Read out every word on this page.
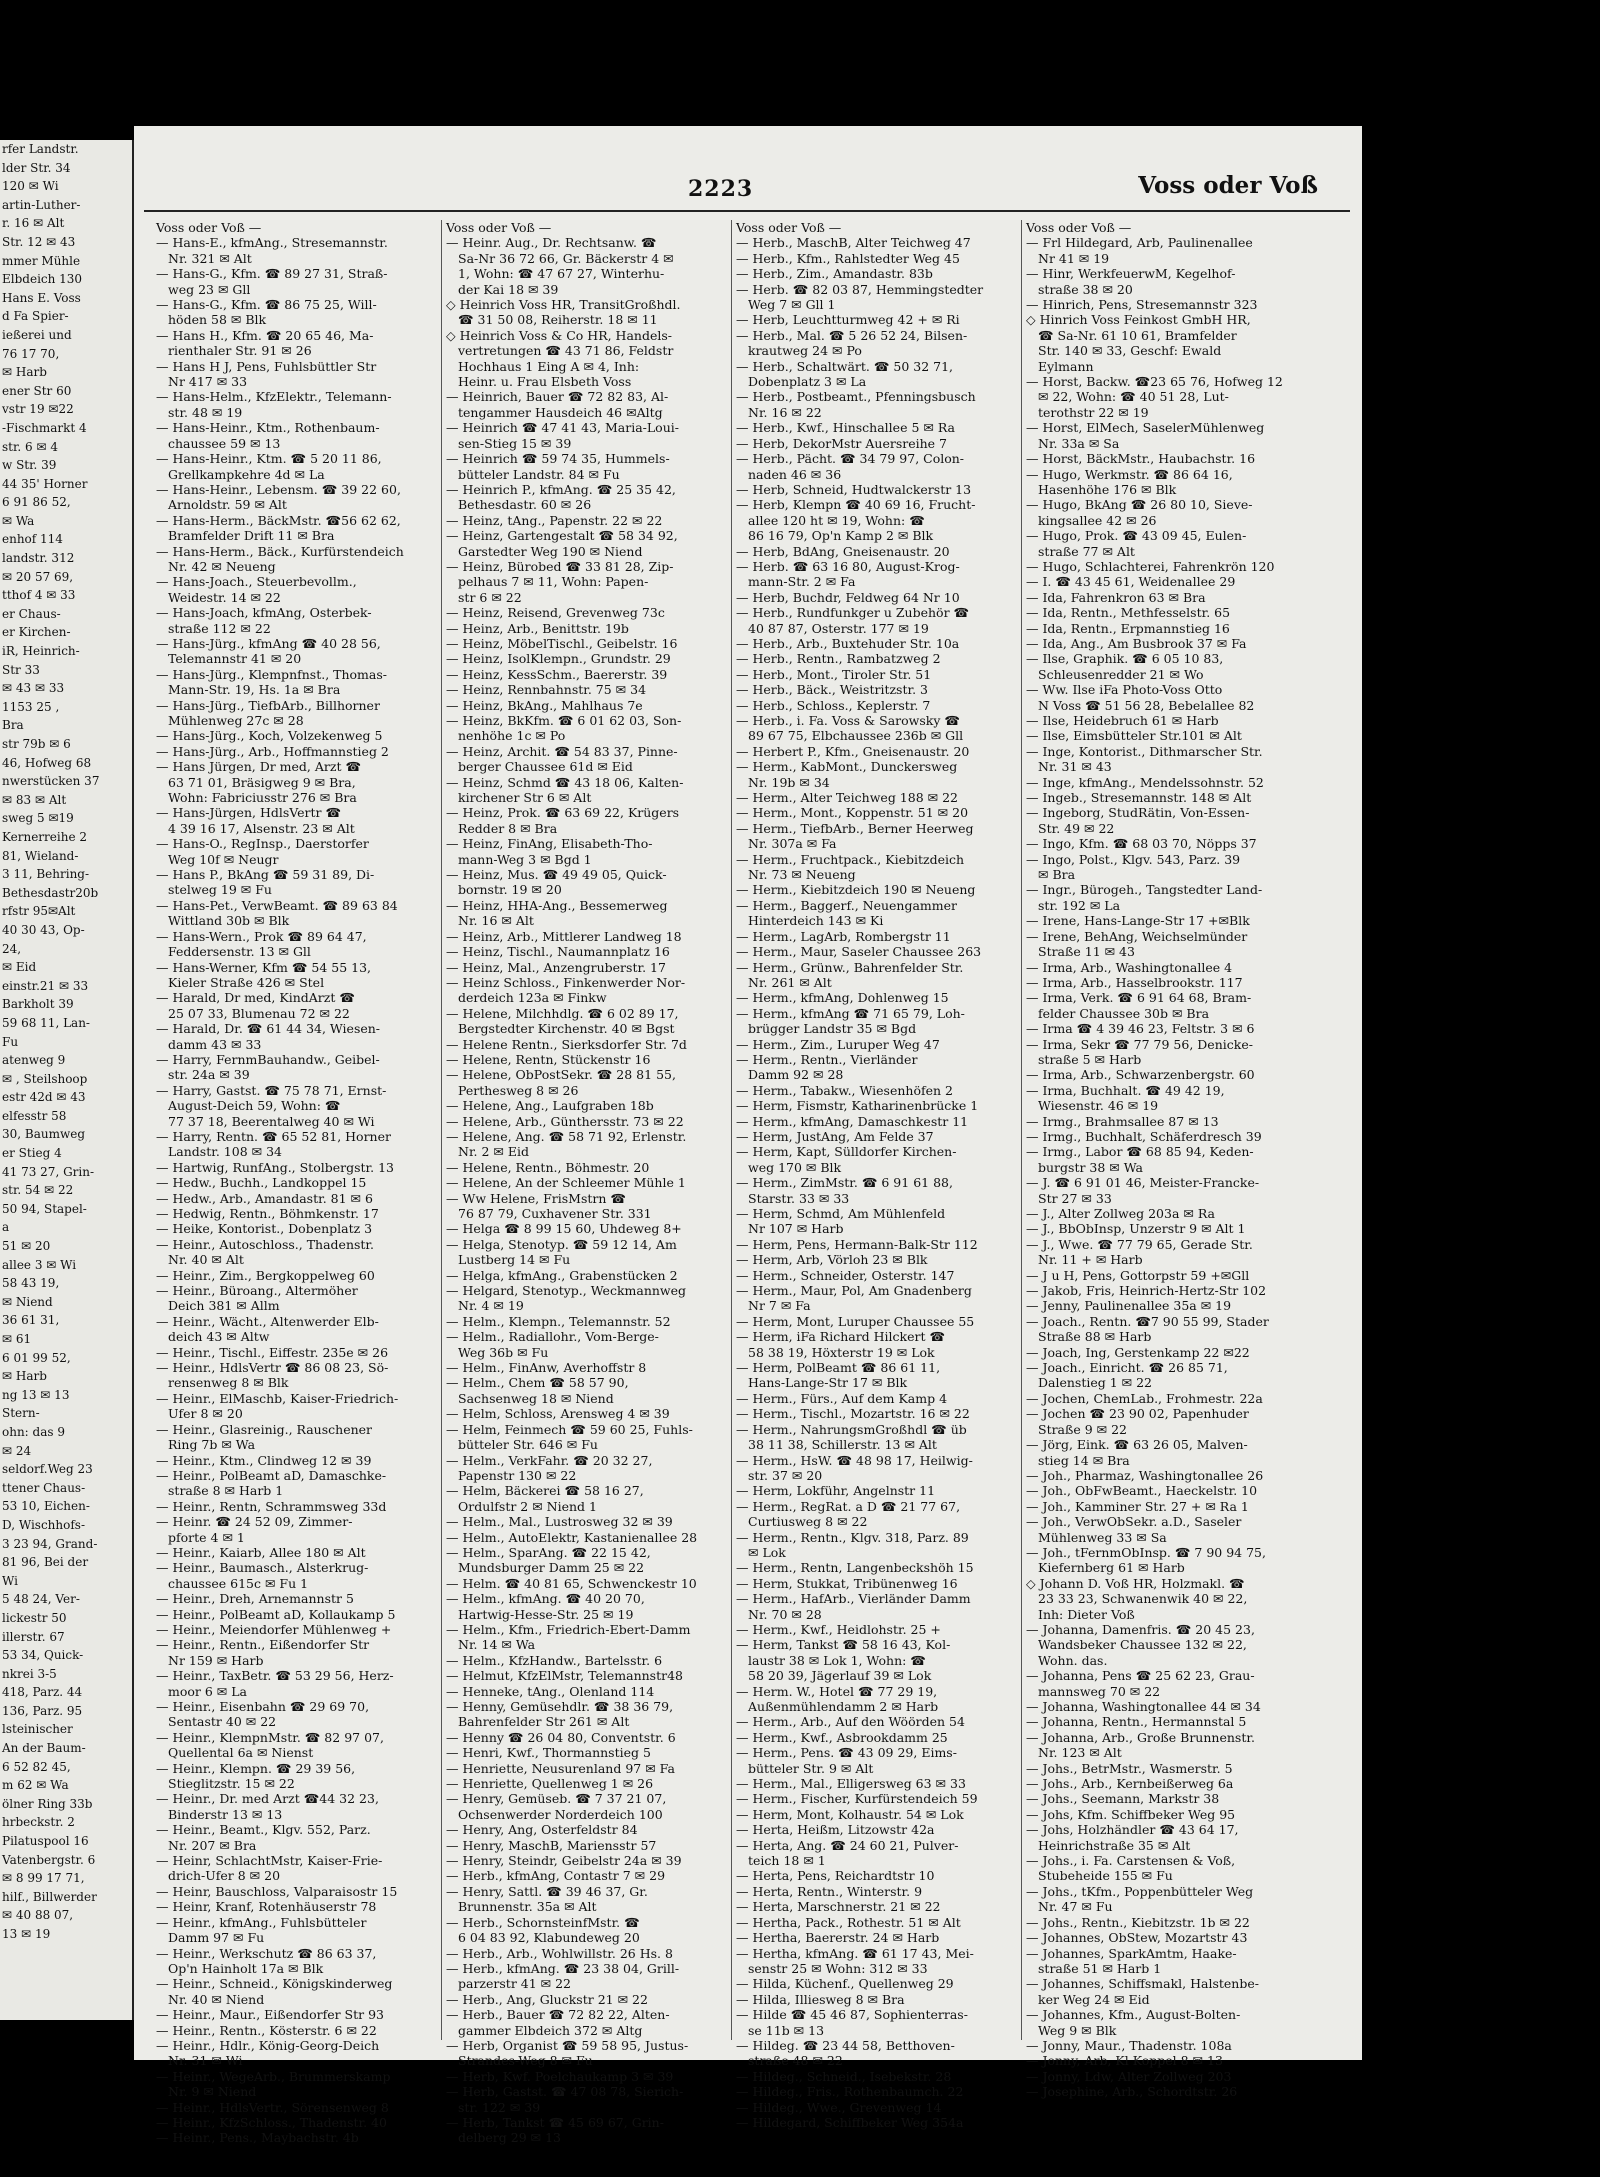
rfer Landstr.
lder Str. 34
120 ✉ Wi
artin-Luther-
r. 16 ✉ Alt
Str. 12 ✉ 43
mmer Mühle
Elbdeich 130
Hans E. Voss
d Fa Spier-
ießerei und
76 17 70,
✉ Harb
ener Str 60
vstr 19 ✉22
-Fischmarkt 4
str. 6 ✉ 4
w Str. 39
44 35' Horner
6 91 86 52,
✉ Wa
enhof 114
landstr. 312
✉ 20 57 69,
tthof 4 ✉ 33
er Chaus-
er Kirchen-
iR, Heinrich-
Str 33
✉ 43 ✉ 33
1153 25 ,
Bra
str 79b ✉ 6
46, Hofweg 68
nwerstücken 37
✉ 83 ✉ Alt
sweg 5 ✉19
Kernerreihe 2
81, Wieland-
3 11, Behring-
Bethesdastr20b
rfstr 95✉Alt
40 30 43, Op-
24,
✉ Eid
einstr.21 ✉ 33
Barkholt 39
59 68 11, Lan-
Fu
atenweg 9
✉ , Steilshoop
estr 42d ✉ 43
elfesstr 58
30, Baumweg
er Stieg 4
41 73 27, Grin-
str. 54 ✉ 22
50 94, Stapel-
a
51 ✉ 20
allee 3 ✉ Wi
58 43 19,
✉ Niend
36 61 31,
✉ 61
6 01 99 52,
✉ Harb
ng 13 ✉ 13
Stern-
ohn: das 9
✉ 24
seldorf.Weg 23
ttener Chaus-
53 10, Eichen-
D, Wischhofs-
3 23 94, Grand-
81 96, Bei der
Wi
5 48 24, Ver-
lickestr 50
illerstr. 67
53 34, Quick-
nkrei 3-5
418, Parz. 44
136, Parz. 95
lsteinischer
An der Baum-
6 52 82 45,
m 62 ✉ Wa
ölner Ring 33b
hrbeckstr. 2
Pilatuspool 16
Vatenbergstr. 6
✉ 8 99 17 71,
hilf., Billwerder
✉ 40 88 07,
13 ✉ 19
2223	Voss oder Voß
Voss oder Voß —
— Hans-E., kfmAng., Stresemannstr.
Nr. 321 ✉ Alt
— Hans-G., Kfm. ☎ 89 27 31, Straß-
weg 23 ✉ Gll
— Hans-G., Kfm. ☎ 86 75 25, Will-
höden 58 ✉ Blk
— Hans H., Kfm. ☎ 20 65 46, Ma-
rienthaler Str. 91 ✉ 26
— Hans H J, Pens, Fuhlsbüttler Str
Nr 417 ✉ 33
— Hans-Helm., KfzElektr., Telemann-
str. 48 ✉ 19
— Hans-Heinr., Ktm., Rothenbaum-
chaussee 59 ✉ 13
— Hans-Heinr., Ktm. ☎ 5 20 11 86,
Grellkampkehre 4d ✉ La
— Hans-Heinr., Lebensm. ☎ 39 22 60,
Arnoldstr. 59 ✉ Alt
— Hans-Herm., BäckMstr. ☎56 62 62,
Bramfelder Drift 11 ✉ Bra
— Hans-Herm., Bäck., Kurfürstendeich
Nr. 42 ✉ Neueng
— Hans-Joach., Steuerbevollm.,
Weidestr. 14 ✉ 22
— Hans-Joach, kfmAng, Osterbek-
straße 112 ✉ 22
— Hans-Jürg., kfmAng ☎ 40 28 56,
Telemannstr 41 ✉ 20
— Hans-Jürg., Klempnfnst., Thomas-
Mann-Str. 19, Hs. 1a ✉ Bra
— Hans-Jürg., TiefbArb., Billhorner
Mühlenweg 27c ✉ 28
— Hans-Jürg., Koch, Volzekenweg 5
— Hans-Jürg., Arb., Hoffmannstieg 2
— Hans Jürgen, Dr med, Arzt ☎
63 71 01, Bräsigweg 9 ✉ Bra,
Wohn: Fabriciusstr 276 ✉ Bra
— Hans-Jürgen, HdlsVertr ☎
4 39 16 17, Alsenstr. 23 ✉ Alt
— Hans-O., RegInsp., Daerstorfer
Weg 10f ✉ Neugr
— Hans P., BkAng ☎ 59 31 89, Di-
stelweg 19 ✉ Fu
— Hans-Pet., VerwBeamt. ☎ 89 63 84
Wittland 30b ✉ Blk
— Hans-Wern., Prok ☎ 89 64 47,
Feddersenstr. 13 ✉ Gll
— Hans-Werner, Kfm ☎ 54 55 13,
Kieler Straße 426 ✉ Stel
— Harald, Dr med, KindArzt ☎
25 07 33, Blumenau 72 ✉ 22
— Harald, Dr. ☎ 61 44 34, Wiesen-
damm 43 ✉ 33
— Harry, FernmBauhandw., Geibel-
str. 24a ✉ 39
— Harry, Gastst. ☎ 75 78 71, Ernst-
August-Deich 59, Wohn: ☎
77 37 18, Beerentalweg 40 ✉ Wi
— Harry, Rentn. ☎ 65 52 81, Horner
Landstr. 108 ✉ 34
— Hartwig, RunfAng., Stolbergstr. 13
— Hedw., Buchh., Landkoppel 15
— Hedw., Arb., Amandastr. 81 ✉ 6
— Hedwig, Rentn., Böhmkenstr. 17
— Heike, Kontorist., Dobenplatz 3
— Heinr., Autoschloss., Thadenstr.
Nr. 40 ✉ Alt
— Heinr., Zim., Bergkoppelweg 60
— Heinr., Büroang., Altermöher
Deich 381 ✉ Allm
— Heinr., Wächt., Altenwerder Elb-
deich 43 ✉ Altw
— Heinr., Tischl., Eiffestr. 235e ✉ 26
— Heinr., HdlsVertr ☎ 86 08 23, Sö-
rensenweg 8 ✉ Blk
— Heinr., ElMaschb, Kaiser-Friedrich-
Ufer 8 ✉ 20
— Heinr., Glasreinig., Rauschener
Ring 7b ✉ Wa
— Heinr., Ktm., Clindweg 12 ✉ 39
— Heinr., PolBeamt aD, Damaschke-
straße 8 ✉ Harb 1
— Heinr., Rentn, Schrammsweg 33d
— Heinr. ☎ 24 52 09, Zimmer-
pforte 4 ✉ 1
— Heinr., Kaiarb, Allee 180 ✉ Alt
— Heinr., Baumasch., Alsterkrug-
chaussee 615c ✉ Fu 1
— Heinr., Dreh, Arnemannstr 5
— Heinr., PolBeamt aD, Kollaukamp 5
— Heinr., Meiendorfer Mühlenweg +
— Heinr., Rentn., Eißendorfer Str
Nr 159 ✉ Harb
— Heinr., TaxBetr. ☎ 53 29 56, Herz-
moor 6 ✉ La
— Heinr., Eisenbahn ☎ 29 69 70,
Sentastr 40 ✉ 22
— Heinr., KlempnMstr. ☎ 82 97 07,
Quellental 6a ✉ Nienst
— Heinr., Klempn. ☎ 29 39 56,
Stieglitzstr. 15 ✉ 22
— Heinr., Dr. med Arzt ☎44 32 23,
Binderstr 13 ✉ 13
— Heinr., Beamt., Klgv. 552, Parz.
Nr. 207 ✉ Bra
— Heinr, SchlachtMstr, Kaiser-Frie-
drich-Ufer 8 ✉ 20
— Heinr, Bauschloss, Valparaisostr 15
— Heinr, Kranf, Rotenhäuserstr 78
— Heinr., kfmAng., Fuhlsbütteler
Damm 97 ✉ Fu
— Heinr., Werkschutz ☎ 86 63 37,
Op'n Hainholt 17a ✉ Blk
— Heinr., Schneid., Königskinderweg
Nr. 40 ✉ Niend
— Heinr., Maur., Eißendorfer Str 93
— Heinr., Rentn., Kösterstr. 6 ✉ 22
— Heinr., Hdlr., König-Georg-Deich
Nr. 31 ✉ Wi
— Heinr., WegeArb., Brummerskamp
Nr. 9 ✉ Niend
— Heinr., HdlsVertr., Sörensenweg 8
— Heinr., KfzSchloss., Thadenstr. 40
— Heinr., Pens., Maybachstr. 4b
Voss oder Voß —
— Heinr. Aug., Dr. Rechtsanw. ☎
Sa-Nr 36 72 66, Gr. Bäckerstr 4 ✉
1, Wohn: ☎ 47 67 27, Winterhu-
der Kai 18 ✉ 39
◇ Heinrich Voss HR, TransitGroßhdl.
☎ 31 50 08, Reiherstr. 18 ✉ 11
◇ Heinrich Voss & Co HR, Handels-
vertretungen ☎ 43 71 86, Feldstr
Hochhaus 1 Eing A ✉ 4, Inh:
Heinr. u. Frau Elsbeth Voss
— Heinrich, Bauer ☎ 72 82 83, Al-
tengammer Hausdeich 46 ✉Altg
— Heinrich ☎ 47 41 43, Maria-Loui-
sen-Stieg 15 ✉ 39
— Heinrich ☎ 59 74 35, Hummels-
bütteler Landstr. 84 ✉ Fu
— Heinrich P., kfmAng. ☎ 25 35 42,
Bethesdastr. 60 ✉ 26
— Heinz, tAng., Papenstr. 22 ✉ 22
— Heinz, Gartengestalt ☎ 58 34 92,
Garstedter Weg 190 ✉ Niend
— Heinz, Bürobed ☎ 33 81 28, Zip-
pelhaus 7 ✉ 11, Wohn: Papen-
str 6 ✉ 22
— Heinz, Reisend, Grevenweg 73c
— Heinz, Arb., Benittstr. 19b
— Heinz, MöbelTischl., Geibelstr. 16
— Heinz, IsolKlempn., Grundstr. 29
— Heinz, KessSchm., Baererstr. 39
— Heinz, Rennbahnstr. 75 ✉ 34
— Heinz, BkAng., Mahlhaus 7e
— Heinz, BkKfm. ☎ 6 01 62 03, Son-
nenhöhe 1c ✉ Po
— Heinz, Archit. ☎ 54 83 37, Pinne-
berger Chaussee 61d ✉ Eid
— Heinz, Schmd ☎ 43 18 06, Kalten-
kirchener Str 6 ✉ Alt
— Heinz, Prok. ☎ 63 69 22, Krügers
Redder 8 ✉ Bra
— Heinz, FinAng, Elisabeth-Tho-
mann-Weg 3 ✉ Bgd 1
— Heinz, Mus. ☎ 49 49 05, Quick-
bornstr. 19 ✉ 20
— Heinz, HHA-Ang., Bessemerweg
Nr. 16 ✉ Alt
— Heinz, Arb., Mittlerer Landweg 18
— Heinz, Tischl., Naumannplatz 16
— Heinz, Mal., Anzengruberstr. 17
— Heinz Schloss., Finkenwerder Nor-
derdeich 123a ✉ Finkw
— Helene, Milchhdlg. ☎ 6 02 89 17,
Bergstedter Kirchenstr. 40 ✉ Bgst
— Helene Rentn., Sierksdorfer Str. 7d
— Helene, Rentn, Stückenstr 16
— Helene, ObPostSekr. ☎ 28 81 55,
Perthesweg 8 ✉ 26
— Helene, Ang., Laufgraben 18b
— Helene, Arb., Günthersstr. 73 ✉ 22
— Helene, Ang. ☎ 58 71 92, Erlenstr.
Nr. 2 ✉ Eid
— Helene, Rentn., Böhmestr. 20
— Helene, An der Schleemer Mühle 1
— Ww Helene, FrisMstrn ☎
76 87 79, Cuxhavener Str. 331
— Helga ☎ 8 99 15 60, Uhdeweg 8+
— Helga, Stenotyp. ☎ 59 12 14, Am
Lustberg 14 ✉ Fu
— Helga, kfmAng., Grabenstücken 2
— Helgard, Stenotyp., Weckmannweg
Nr. 4 ✉ 19
— Helm., Klempn., Telemannstr. 52
— Helm., Radiallohr., Vom-Berge-
Weg 36b ✉ Fu
— Helm., FinAnw, Averhoffstr 8
— Helm., Chem ☎ 58 57 90,
Sachsenweg 18 ✉ Niend
— Helm, Schloss, Arensweg 4 ✉ 39
— Helm, Feinmech ☎ 59 60 25, Fuhls-
bütteler Str. 646 ✉ Fu
— Helm., VerkFahr. ☎ 20 32 27,
Papenstr 130 ✉ 22
— Helm, Bäckerei ☎ 58 16 27,
Ordulfstr 2 ✉ Niend 1
— Helm., Mal., Lustrosweg 32 ✉ 39
— Helm., AutoElektr, Kastanienallee 28
— Helm., SparAng. ☎ 22 15 42,
Mundsburger Damm 25 ✉ 22
— Helm. ☎ 40 81 65, Schwenckestr 10
— Helm., kfmAng. ☎ 40 20 70,
Hartwig-Hesse-Str. 25 ✉ 19
— Helm., Kfm., Friedrich-Ebert-Damm
Nr. 14 ✉ Wa
— Helm., KfzHandw., Bartelsstr. 6
— Helmut, KfzElMstr, Telemannstr48
— Henneke, tAng., Olenland 114
— Henny, Gemüsehdlr. ☎ 38 36 79,
Bahrenfelder Str 261 ✉ Alt
— Henny ☎ 26 04 80, Conventstr. 6
— Henri, Kwf., Thormannstieg 5
— Henriette, Neusurenland 97 ✉ Fa
— Henriette, Quellenweg 1 ✉ 26
— Henry, Gemüseb. ☎ 7 37 21 07,
Ochsenwerder Norderdeich 100
— Henry, Ang, Osterfeldstr 84
— Henry, MaschB, Mariensstr 57
— Henry, Steindr, Geibelstr 24a ✉ 39
— Herb., kfmAng, Contastr 7 ✉ 29
— Henry, Sattl. ☎ 39 46 37, Gr.
Brunnenstr. 35a ✉ Alt
— Herb., SchornsteinfMstr. ☎
6 04 83 92, Klabundeweg 20
— Herb., Arb., Wohlwillstr. 26 Hs. 8
— Herb., kfmAng. ☎ 23 38 04, Grill-
parzerstr 41 ✉ 22
— Herb., Ang, Gluckstr 21 ✉ 22
— Herb., Bauer ☎ 72 82 22, Alten-
gammer Elbdeich 372 ✉ Altg
— Herb, Organist ☎ 59 58 95, Justus-
Strandes-Weg 8 ✉ Fu
— Herb, Kwf. Poelchaukamp 3 ✉ 39
— Herb, Gastst. ☎ 47 08 78, Sierich-
str. 122 ✉ 39
— Herb, Tankst ☎ 45 69 67, Grin-
delberg 29 ✉ 13
Voss oder Voß —
— Herb., MaschB, Alter Teichweg 47
— Herb., Kfm., Rahlstedter Weg 45
— Herb., Zim., Amandastr. 83b
— Herb. ☎ 82 03 87, Hemmingstedter
Weg 7 ✉ Gll 1
— Herb, Leuchtturmweg 42 + ✉ Ri
— Herb., Mal. ☎ 5 26 52 24, Bilsen-
krautweg 24 ✉ Po
— Herb., Schaltwärt. ☎ 50 32 71,
Dobenplatz 3 ✉ La
— Herb., Postbeamt., Pfenningsbusch
Nr. 16 ✉ 22
— Herb., Kwf., Hinschallee 5 ✉ Ra
— Herb, DekorMstr Auersreihe 7
— Herb., Pächt. ☎ 34 79 97, Colon-
naden 46 ✉ 36
— Herb, Schneid, Hudtwalckerstr 13
— Herb, Klempn ☎ 40 69 16, Frucht-
allee 120 ht ✉ 19, Wohn: ☎
86 16 79, Op'n Kamp 2 ✉ Blk
— Herb, BdAng, Gneisenaustr. 20
— Herb. ☎ 63 16 80, August-Krog-
mann-Str. 2 ✉ Fa
— Herb, Buchdr, Feldweg 64 Nr 10
— Herb., Rundfunkger u Zubehör ☎
40 87 87, Osterstr. 177 ✉ 19
— Herb., Arb., Buxtehuder Str. 10a
— Herb., Rentn., Rambatzweg 2
— Herb., Mont., Tiroler Str. 51
— Herb., Bäck., Weistritzstr. 3
— Herb., Schloss., Keplerstr. 7
— Herb., i. Fa. Voss & Sarowsky ☎
89 67 75, Elbchaussee 236b ✉ Gll
— Herbert P., Kfm., Gneisenaustr. 20
— Herm., KabMont., Dunckersweg
Nr. 19b ✉ 34
— Herm., Alter Teichweg 188 ✉ 22
— Herm., Mont., Koppenstr. 51 ✉ 20
— Herm., TiefbArb., Berner Heerweg
Nr. 307a ✉ Fa
— Herm., Fruchtpack., Kiebitzdeich
Nr. 73 ✉ Neueng
— Herm., Kiebitzdeich 190 ✉ Neueng
— Herm., Baggerf., Neuengammer
Hinterdeich 143 ✉ Ki
— Herm., LagArb, Rombergstr 11
— Herm., Maur, Saseler Chaussee 263
— Herm., Grünw., Bahrenfelder Str.
Nr. 261 ✉ Alt
— Herm., kfmAng, Dohlenweg 15
— Herm., kfmAng ☎ 71 65 79, Loh-
brügger Landstr 35 ✉ Bgd
— Herm., Zim., Luruper Weg 47
— Herm., Rentn., Vierländer
Damm 92 ✉ 28
— Herm., Tabakw., Wiesenhöfen 2
— Herm, Fismstr, Katharinenbrücke 1
— Herm., kfmAng, Damaschkestr 11
— Herm, JustAng, Am Felde 37
— Herm, Kapt, Sülldorfer Kirchen-
weg 170 ✉ Blk
— Herm., ZimMstr. ☎ 6 91 61 88,
Starstr. 33 ✉ 33
— Herm, Schmd, Am Mühlenfeld
Nr 107 ✉ Harb
— Herm, Pens, Hermann-Balk-Str 112
— Herm, Arb, Vörloh 23 ✉ Blk
— Herm., Schneider, Osterstr. 147
— Herm., Maur, Pol, Am Gnadenberg
Nr 7 ✉ Fa
— Herm, Mont, Luruper Chaussee 55
— Herm, iFa Richard Hilckert ☎
58 38 19, Höxterstr 19 ✉ Lok
— Herm, PolBeamt ☎ 86 61 11,
Hans-Lange-Str 17 ✉ Blk
— Herm., Fürs., Auf dem Kamp 4
— Herm., Tischl., Mozartstr. 16 ✉ 22
— Herm., NahrungsmGroßhdl ☎ üb
38 11 38, Schillerstr. 13 ✉ Alt
— Herm., HsW. ☎ 48 98 17, Heilwig-
str. 37 ✉ 20
— Herm, Lokführ, Angelnstr 11
— Herm., RegRat. a D ☎ 21 77 67,
Curtiusweg 8 ✉ 22
— Herm., Rentn., Klgv. 318, Parz. 89
✉ Lok
— Herm., Rentn, Langenbeckshöh 15
— Herm, Stukkat, Tribünenweg 16
— Herm., HafArb., Vierländer Damm
Nr. 70 ✉ 28
— Herm., Kwf., Heidlohstr. 25 +
— Herm, Tankst ☎ 58 16 43, Kol-
laustr 38 ✉ Lok 1, Wohn: ☎
58 20 39, Jägerlauf 39 ✉ Lok
— Herm. W., Hotel ☎ 77 29 19,
Außenmühlendamm 2 ✉ Harb
— Herm., Arb., Auf den Wöörden 54
— Herm., Kwf., Asbrookdamm 25
— Herm., Pens. ☎ 43 09 29, Eims-
bütteler Str. 9 ✉ Alt
— Herm., Mal., Elligersweg 63 ✉ 33
— Herm., Fischer, Kurfürstendeich 59
— Herm, Mont, Kolhaustr. 54 ✉ Lok
— Herta, Heißm, Litzowstr 42a
— Herta, Ang. ☎ 24 60 21, Pulver-
teich 18 ✉ 1
— Herta, Pens, Reichardtstr 10
— Herta, Rentn., Winterstr. 9
— Herta, Marschnerstr. 21 ✉ 22
— Hertha, Pack., Rothestr. 51 ✉ Alt
— Hertha, Baererstr. 24 ✉ Harb
— Hertha, kfmAng. ☎ 61 17 43, Mei-
senstr 25 ✉ Wohn: 312 ✉ 33
— Hilda, Küchenf., Quellenweg 29
— Hilda, Illiesweg 8 ✉ Bra
— Hilde ☎ 45 46 87, Sophienterras-
se 11b ✉ 13
— Hildeg. ☎ 23 44 58, Betthoven-
straße 48 ✉ 22
— Hildeg., Schneid., Isebekstr. 28
— Hildeg., Fris., Rothenbaumch. 22
— Hildeg., Wwe., Grevenweg 14
— Hildegard, Schiffbeker Weg 354a
Voss oder Voß —
— Frl Hildegard, Arb, Paulinenallee
Nr 41 ✉ 19
— Hinr, WerkfeuerwM, Kegelhof-
straße 38 ✉ 20
— Hinrich, Pens, Stresemannstr 323
◇ Hinrich Voss Feinkost GmbH HR,
☎ Sa-Nr. 61 10 61, Bramfelder
Str. 140 ✉ 33, Geschf: Ewald
Eylmann
— Horst, Backw. ☎23 65 76, Hofweg 12
✉ 22, Wohn: ☎ 40 51 28, Lut-
terothstr 22 ✉ 19
— Horst, ElMech, SaselerMühlenweg
Nr. 33a ✉ Sa
— Horst, BäckMstr., Haubachstr. 16
— Hugo, Werkmstr. ☎ 86 64 16,
Hasenhöhe 176 ✉ Blk
— Hugo, BkAng ☎ 26 80 10, Sieve-
kingsallee 42 ✉ 26
— Hugo, Prok. ☎ 43 09 45, Eulen-
straße 77 ✉ Alt
— Hugo, Schlachterei, Fahrenkrön 120
— I. ☎ 43 45 61, Weidenallee 29
— Ida, Fahrenkron 63 ✉ Bra
— Ida, Rentn., Methfesselstr. 65
— Ida, Rentn., Erpmannstieg 16
— Ida, Ang., Am Busbrook 37 ✉ Fa
— Ilse, Graphik. ☎ 6 05 10 83,
Schleusenredder 21 ✉ Wo
— Ww. Ilse iFa Photo-Voss Otto
N Voss ☎ 51 56 28, Bebelallee 82
— Ilse, Heidebruch 61 ✉ Harb
— Ilse, Eimsbütteler Str.101 ✉ Alt
— Inge, Kontorist., Dithmarscher Str.
Nr. 31 ✉ 43
— Inge, kfmAng., Mendelssohnstr. 52
— Ingeb., Stresemannstr. 148 ✉ Alt
— Ingeborg, StudRätin, Von-Essen-
Str. 49 ✉ 22
— Ingo, Kfm. ☎ 68 03 70, Nöpps 37
— Ingo, Polst., Klgv. 543, Parz. 39
✉ Bra
— Ingr., Bürogeh., Tangstedter Land-
str. 192 ✉ La
— Irene, Hans-Lange-Str 17 +✉Blk
— Irene, BehAng, Weichselmünder
Straße 11 ✉ 43
— Irma, Arb., Washingtonallee 4
— Irma, Arb., Hasselbrookstr. 117
— Irma, Verk. ☎ 6 91 64 68, Bram-
felder Chaussee 30b ✉ Bra
— Irma ☎ 4 39 46 23, Feltstr. 3 ✉ 6
— Irma, Sekr ☎ 77 79 56, Denicke-
straße 5 ✉ Harb
— Irma, Arb., Schwarzenbergstr. 60
— Irma, Buchhalt. ☎ 49 42 19,
Wiesenstr. 46 ✉ 19
— Irmg., Brahmsallee 87 ✉ 13
— Irmg., Buchhalt, Schäferdresch 39
— Irmg., Labor ☎ 68 85 94, Keden-
burgstr 38 ✉ Wa
— J. ☎ 6 91 01 46, Meister-Francke-
Str 27 ✉ 33
— J., Alter Zollweg 203a ✉ Ra
— J., BbObInsp, Unzerstr 9 ✉ Alt 1
— J., Wwe. ☎ 77 79 65, Gerade Str.
Nr. 11 + ✉ Harb
— J u H, Pens, Gottorpstr 59 +✉Gll
— Jakob, Fris, Heinrich-Hertz-Str 102
— Jenny, Paulinenallee 35a ✉ 19
— Joach., Rentn. ☎7 90 55 99, Stader
Straße 88 ✉ Harb
— Joach, Ing, Gerstenkamp 22 ✉22
— Joach., Einricht. ☎ 26 85 71,
Dalenstieg 1 ✉ 22
— Jochen, ChemLab., Frohmestr. 22a
— Jochen ☎ 23 90 02, Papenhuder
Straße 9 ✉ 22
— Jörg, Eink. ☎ 63 26 05, Malven-
stieg 14 ✉ Bra
— Joh., Pharmaz, Washingtonallee 26
— Joh., ObFwBeamt., Haeckelstr. 10
— Joh., Kamminer Str. 27 + ✉ Ra 1
— Joh., VerwObSekr. a.D., Saseler
Mühlenweg 33 ✉ Sa
— Joh., tFernmObInsp. ☎ 7 90 94 75,
Kiefernberg 61 ✉ Harb
◇ Johann D. Voß HR, Holzmakl. ☎
23 33 23, Schwanenwik 40 ✉ 22,
Inh: Dieter Voß
— Johanna, Damenfris. ☎ 20 45 23,
Wandsbeker Chaussee 132 ✉ 22,
Wohn. das.
— Johanna, Pens ☎ 25 62 23, Grau-
mannsweg 70 ✉ 22
— Johanna, Washingtonallee 44 ✉ 34
— Johanna, Rentn., Hermannstal 5
— Johanna, Arb., Große Brunnenstr.
Nr. 123 ✉ Alt
— Johs., BetrMstr., Wasmerstr. 5
— Johs., Arb., Kernbeißerweg 6a
— Johs., Seemann, Markstr 38
— Johs, Kfm. Schiffbeker Weg 95
— Johs, Holzhändler ☎ 43 64 17,
Heinrichstraße 35 ✉ Alt
— Johs., i. Fa. Carstensen & Voß,
Stubeheide 155 ✉ Fu
— Johs., tKfm., Poppenbütteler Weg
Nr. 47 ✉ Fu
— Johs., Rentn., Kiebitzstr. 1b ✉ 22
— Johannes, ObStew, Mozartstr 43
— Johannes, SparkAmtm, Haake-
straße 51 ✉ Harb 1
— Johannes, Schiffsmakl, Halstenbe-
ker Weg 24 ✉ Eid
— Johannes, Kfm., August-Bolten-
Weg 9 ✉ Blk
— Jonny, Maur., Thadenstr. 108a
— Jonny, Arb, Kl Koppel 8 ✉ 13
— Jonny, Ldw, Alter Zollweg 203
— Josephine, Arb., Schordtstr. 26
